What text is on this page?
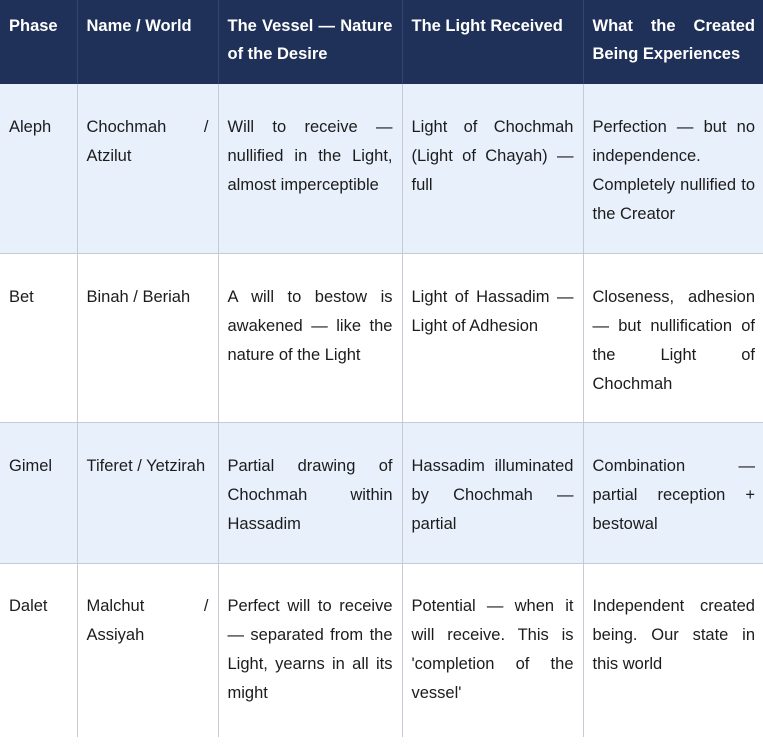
Phase	Name / World	The Vessel — Nature of the Desire	The Light Received	What the Created Being Experiences
Aleph	Chochmah / Atzilut	Will to receive — nullified in the Light, almost imperceptible	Light of Chochmah (Light of Chayah) — full	Perfection — but no independence. Completely nullified to the Creator
Bet	Binah / Beriah	A will to bestow is awakened — like the nature of the Light	Light of Hassadim — Light of Adhesion	Closeness, adhesion — but nullification of the Light of Chochmah
Gimel	Tiferet / Yetzirah	Partial drawing of Chochmah within Hassadim	Hassadim illuminated by Chochmah — partial	Combination — partial reception + bestowal
Dalet	Malchut / Assiyah	Perfect will to receive — separated from the Light, yearns in all its might	Potential — when it will receive. This is 'completion of the vessel'	Independent created being. Our state in this world
